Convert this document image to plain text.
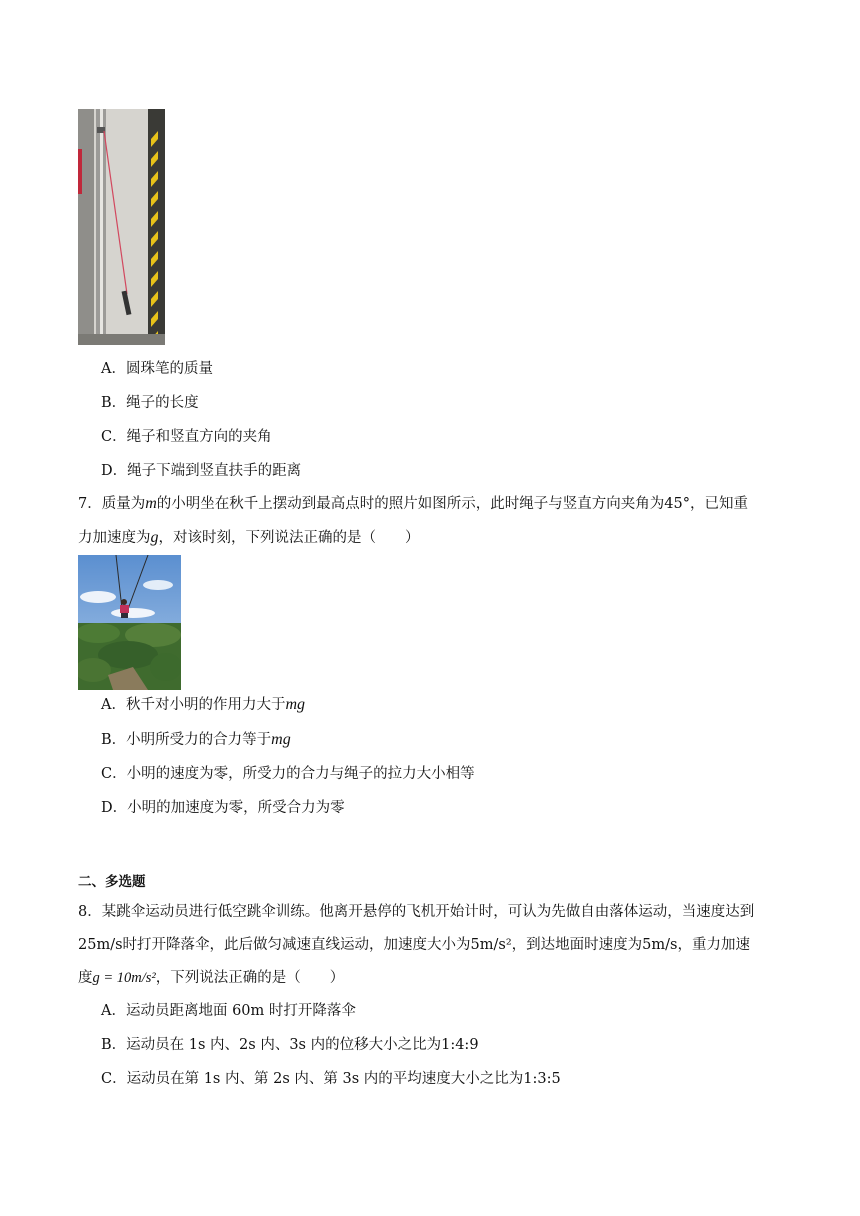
A．圆珠笔的质量
B．绳子的长度
C．绳子和竖直方向的夹角
D．绳子下端到竖直扶手的距离
7．质量为m的小明坐在秋千上摆动到最高点时的照片如图所示，此时绳子与竖直方向夹角为45°，已知重
力加速度为g，对该时刻，下列说法正确的是（　　）
A．秋千对小明的作用力大于mg
B．小明所受力的合力等于mg
C．小明的速度为零，所受力的合力与绳子的拉力大小相等
D．小明的加速度为零，所受合力为零
二、多选题
8．某跳伞运动员进行低空跳伞训练。他离开悬停的飞机开始计时，可认为先做自由落体运动，当速度达到
25m/s时打开降落伞，此后做匀减速直线运动，加速度大小为5m/s²，到达地面时速度为5m/s，重力加速
度g = 10m/s²，下列说法正确的是（　　）
A．运动员距离地面 60m 时打开降落伞
B．运动员在 1s 内、2s 内、3s 内的位移大小之比为1:4:9
C．运动员在第 1s 内、第 2s 内、第 3s 内的平均速度大小之比为1:3:5
